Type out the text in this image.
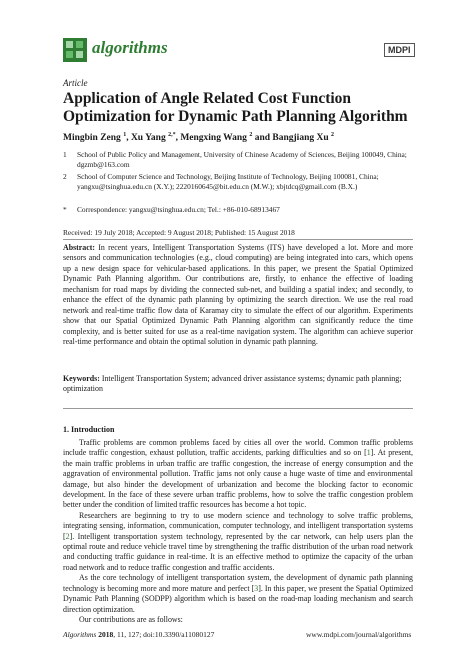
algorithms	MDPI
Article
Application of Angle Related Cost Function Optimization for Dynamic Path Planning Algorithm
Mingbin Zeng $^1$, Xu Yang $^{2,*}$, Mengxing Wang $^2$ and Bangjiang Xu $^2$
1	School of Public Policy and Management, University of Chinese Academy of Sciences, Beijing 100049, China; dgzmb@163.com
2	School of Computer Science and Technology, Beijing Institute of Technology, Beijing 100081, China; yangxu@tsinghua.edu.cn (X.Y.); 2220160645@bit.edu.cn (M.W.); xbjtdcq@gmail.com (B.X.)
*	Correspondence: yangxu@tsinghua.edu.cn; Tel.: +86-010-68913467
Received: 19 July 2018; Accepted: 9 August 2018; Published: 15 August 2018
Abstract: In recent years, Intelligent Transportation Systems (ITS) have developed a lot. More and more sensors and communication technologies (e.g., cloud computing) are being integrated into cars, which opens up a new design space for vehicular-based applications. In this paper, we present the Spatial Optimized Dynamic Path Planning algorithm. Our contributions are, firstly, to enhance the effective of loading mechanism for road maps by dividing the connected sub-net, and building a spatial index; and secondly, to enhance the effect of the dynamic path planning by optimizing the search direction. We use the real road network and real-time traffic flow data of Karamay city to simulate the effect of our algorithm. Experiments show that our Spatial Optimized Dynamic Path Planning algorithm can significantly reduce the time complexity, and is better suited for use as a real-time navigation system. The algorithm can achieve superior real-time performance and obtain the optimal solution in dynamic path planning.
Keywords: Intelligent Transportation System; advanced driver assistance systems; dynamic path planning; optimization
1. Introduction

Traffic problems are common problems faced by cities all over the world. Common traffic problems include traffic congestion, exhaust pollution, traffic accidents, parking difficulties and so on [1]. At present, the main traffic problems in urban traffic are traffic congestion, the increase of energy consumption and the aggravation of environmental pollution. Traffic jams not only cause a huge waste of time and environmental damage, but also hinder the development of urbanization and become the blocking factor to economic development. In the face of these severe urban traffic problems, how to solve the traffic congestion problem better under the condition of limited traffic resources has become a hot topic.

Researchers are beginning to try to use modern science and technology to solve traffic problems, integrating sensing, information, communication, computer technology, and intelligent transportation systems [2]. Intelligent transportation system technology, represented by the car network, can help users plan the optimal route and reduce vehicle travel time by strengthening the traffic distribution of the urban road network and conducting traffic guidance in real-time. It is an effective method to optimize the capacity of the urban road network and to reduce traffic congestion and traffic accidents.

As the core technology of intelligent transportation system, the development of dynamic path planning technology is becoming more and more mature and perfect [3]. In this paper, we present the Spatial Optimized Dynamic Path Planning (SODPP) algorithm which is based on the road-map loading mechanism and search direction optimization.

Our contributions are as follows:

Algorithms 2018, 11, 127; doi:10.3390/a11080127	www.mdpi.com/journal/algorithms
